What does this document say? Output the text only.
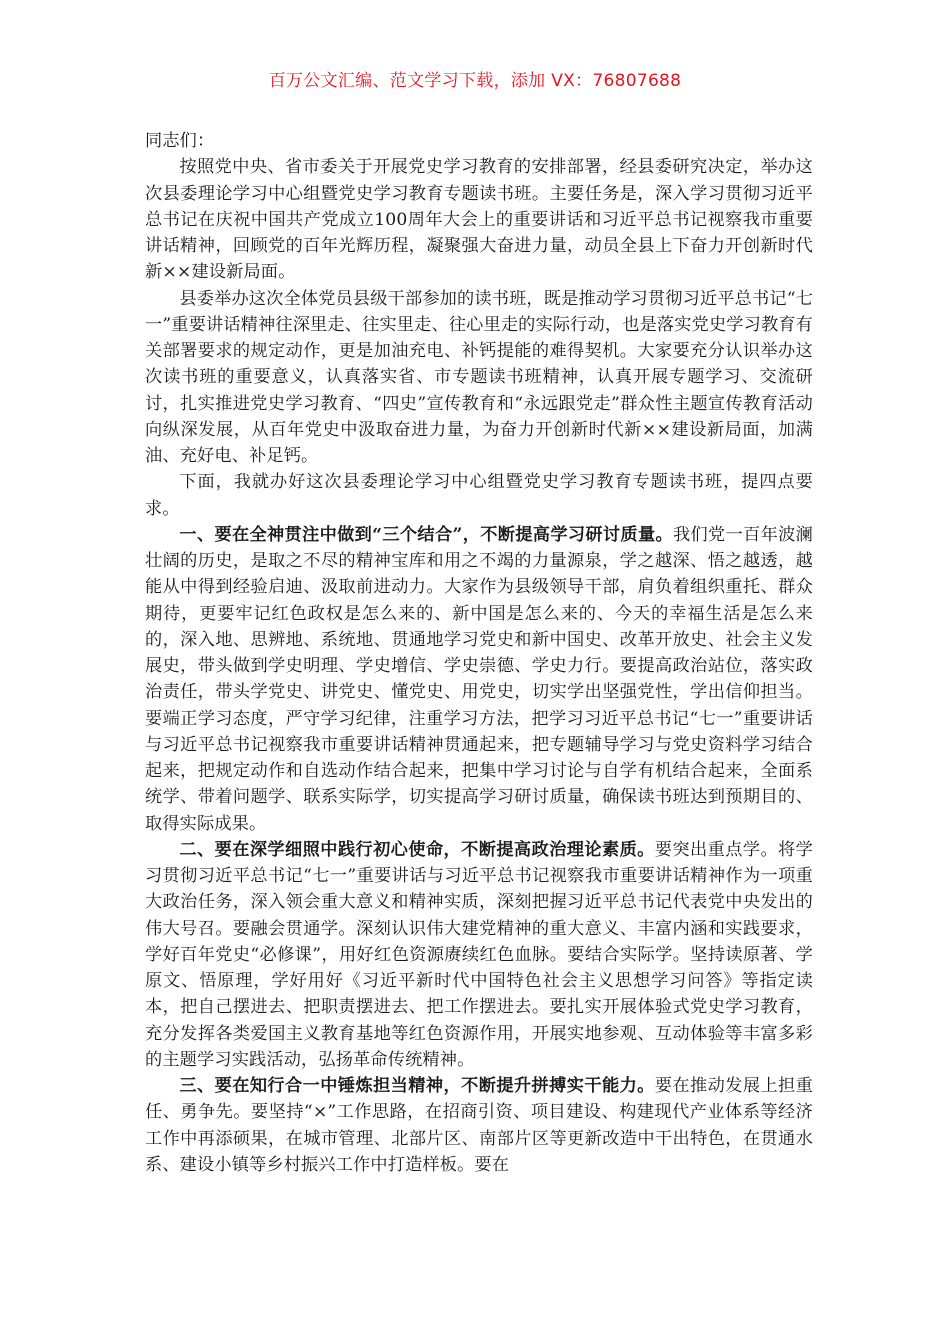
百万公文汇编、范文学习下载，添加 VX：76807688

同志们：

按照党中央、省市委关于开展党史学习教育的安排部署，经县委研究决定，举办这次县委理论学习中心组暨党史学习教育专题读书班。主要任务是，深入学习贯彻习近平总书记在庆祝中国共产党成立100周年大会上的重要讲话和习近平总书记视察我市重要讲话精神，回顾党的百年光辉历程，凝聚强大奋进力量，动员全县上下奋力开创新时代新××建设新局面。

县委举办这次全体党员县级干部参加的读书班，既是推动学习贯彻习近平总书记“七一”重要讲话精神往深里走、往实里走、往心里走的实际行动，也是落实党史学习教育有关部署要求的规定动作，更是加油充电、补钙提能的难得契机。大家要充分认识举办这次读书班的重要意义，认真落实省、市专题读书班精神，认真开展专题学习、交流研讨，扎实推进党史学习教育、“四史”宣传教育和“永远跟党走”群众性主题宣传教育活动向纵深发展，从百年党史中汲取奋进力量，为奋力开创新时代新××建设新局面，加满油、充好电、补足钙。

下面，我就办好这次县委理论学习中心组暨党史学习教育专题读书班，提四点要求。

一、要在全神贯注中做到“三个结合”，不断提高学习研讨质量。我们党一百年波澜壮阔的历史，是取之不尽的精神宝库和用之不竭的力量源泉，学之越深、悟之越透，越能从中得到经验启迪、汲取前进动力。大家作为县级领导干部，肩负着组织重托、群众期待，更要牢记红色政权是怎么来的、新中国是怎么来的、今天的幸福生活是怎么来的，深入地、思辨地、系统地、贯通地学习党史和新中国史、改革开放史、社会主义发展史，带头做到学史明理、学史增信、学史崇德、学史力行。要提高政治站位，落实政治责任，带头学党史、讲党史、懂党史、用党史，切实学出坚强党性，学出信仰担当。要端正学习态度，严守学习纪律，注重学习方法，把学习习近平总书记“七一”重要讲话与习近平总书记视察我市重要讲话精神贯通起来，把专题辅导学习与党史资料学习结合起来，把规定动作和自选动作结合起来，把集中学习讨论与自学有机结合起来，全面系统学、带着问题学、联系实际学，切实提高学习研讨质量，确保读书班达到预期目的、取得实际成果。

二、要在深学细照中践行初心使命，不断提高政治理论素质。要突出重点学。将学习贯彻习近平总书记“七一”重要讲话与习近平总书记视察我市重要讲话精神作为一项重大政治任务，深入领会重大意义和精神实质，深刻把握习近平总书记代表党中央发出的伟大号召。要融会贯通学。深刻认识伟大建党精神的重大意义、丰富内涵和实践要求，学好百年党史“必修课”，用好红色资源赓续红色血脉。要结合实际学。坚持读原著、学原文、悟原理，学好用好《习近平新时代中国特色社会主义思想学习问答》等指定读本，把自己摆进去、把职责摆进去、把工作摆进去。要扎实开展体验式党史学习教育，充分发挥各类爱国主义教育基地等红色资源作用，开展实地参观、互动体验等丰富多彩的主题学习实践活动，弘扬革命传统精神。

三、要在知行合一中锤炼担当精神，不断提升拼搏实干能力。要在推动发展上担重任、勇争先。要坚持“×”工作思路，在招商引资、项目建设、构建现代产业体系等经济工作中再添硕果，在城市管理、北部片区、南部片区等更新改造中干出特色，在贯通水系、建设小镇等乡村振兴工作中打造样板。要在
